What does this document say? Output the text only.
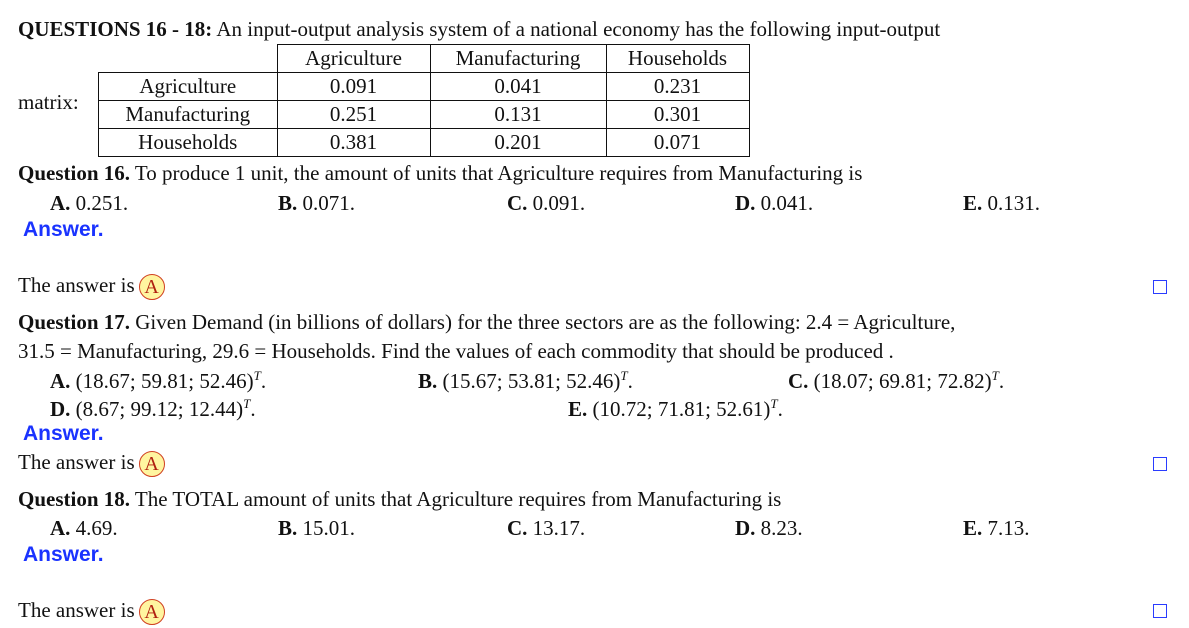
QUESTIONS 16 - 18: An input-output analysis system of a national economy has the following input-output
matrix:
	Agriculture	Manufacturing	Households
Agriculture	0.091	0.041	0.231
Manufacturing	0.251	0.131	0.301
Households	0.381	0.201	0.071
Question 16. To produce 1 unit, the amount of units that Agriculture requires from Manufacturing is
A. 0.251.	B. 0.071.	C. 0.091.	D. 0.041.	E. 0.131.
Answer.
The answer is A
Question 17. Given Demand (in billions of dollars) for the three sectors are as the following: 2.4 = Agriculture,
31.5 = Manufacturing, 29.6 = Households. Find the values of each commodity that should be produced .
A. (18.67; 59.81; 52.46)$^T$.	B. (15.67; 53.81; 52.46)$^T$.	C. (18.07; 69.81; 72.82)$^T$.
D. (8.67; 99.12; 12.44)$^T$.	E. (10.72; 71.81; 52.61)$^T$.
Answer.
The answer is A
Question 18. The TOTAL amount of units that Agriculture requires from Manufacturing is
A. 4.69.	B. 15.01.	C. 13.17.	D. 8.23.	E. 7.13.
Answer.
The answer is A
